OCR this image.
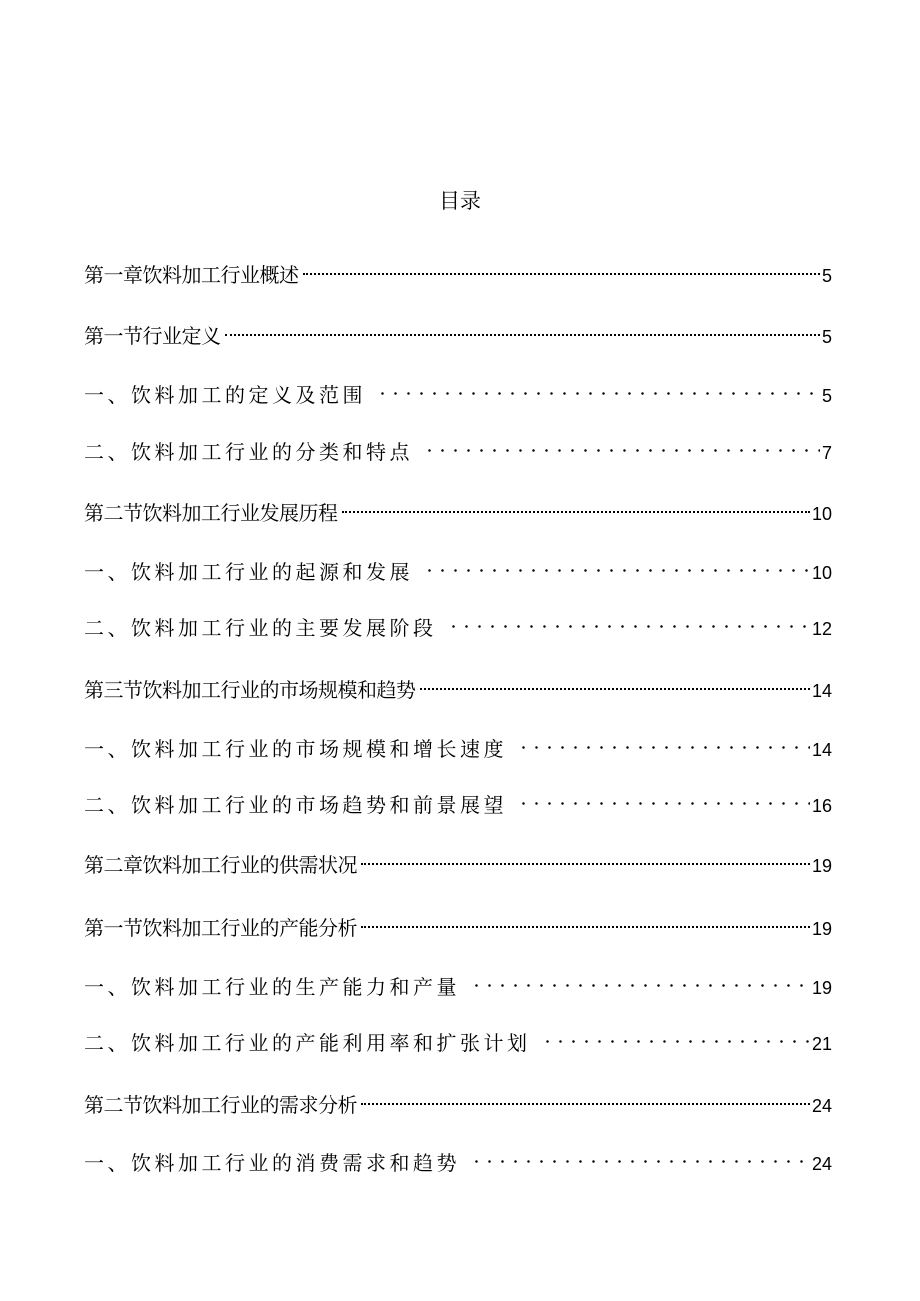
目录
第一章饮料加工行业概述	5
第一节行业定义	5
一、饮料加工的定义及范围	5
二、饮料加工行业的分类和特点	7
第二节饮料加工行业发展历程	10
一、饮料加工行业的起源和发展	10
二、饮料加工行业的主要发展阶段	12
第三节饮料加工行业的市场规模和趋势	14
一、饮料加工行业的市场规模和增长速度	14
二、饮料加工行业的市场趋势和前景展望	16
第二章饮料加工行业的供需状况	19
第一节饮料加工行业的产能分析	19
一、饮料加工行业的生产能力和产量	19
二、饮料加工行业的产能利用率和扩张计划	21
第二节饮料加工行业的需求分析	24
一、饮料加工行业的消费需求和趋势	24
